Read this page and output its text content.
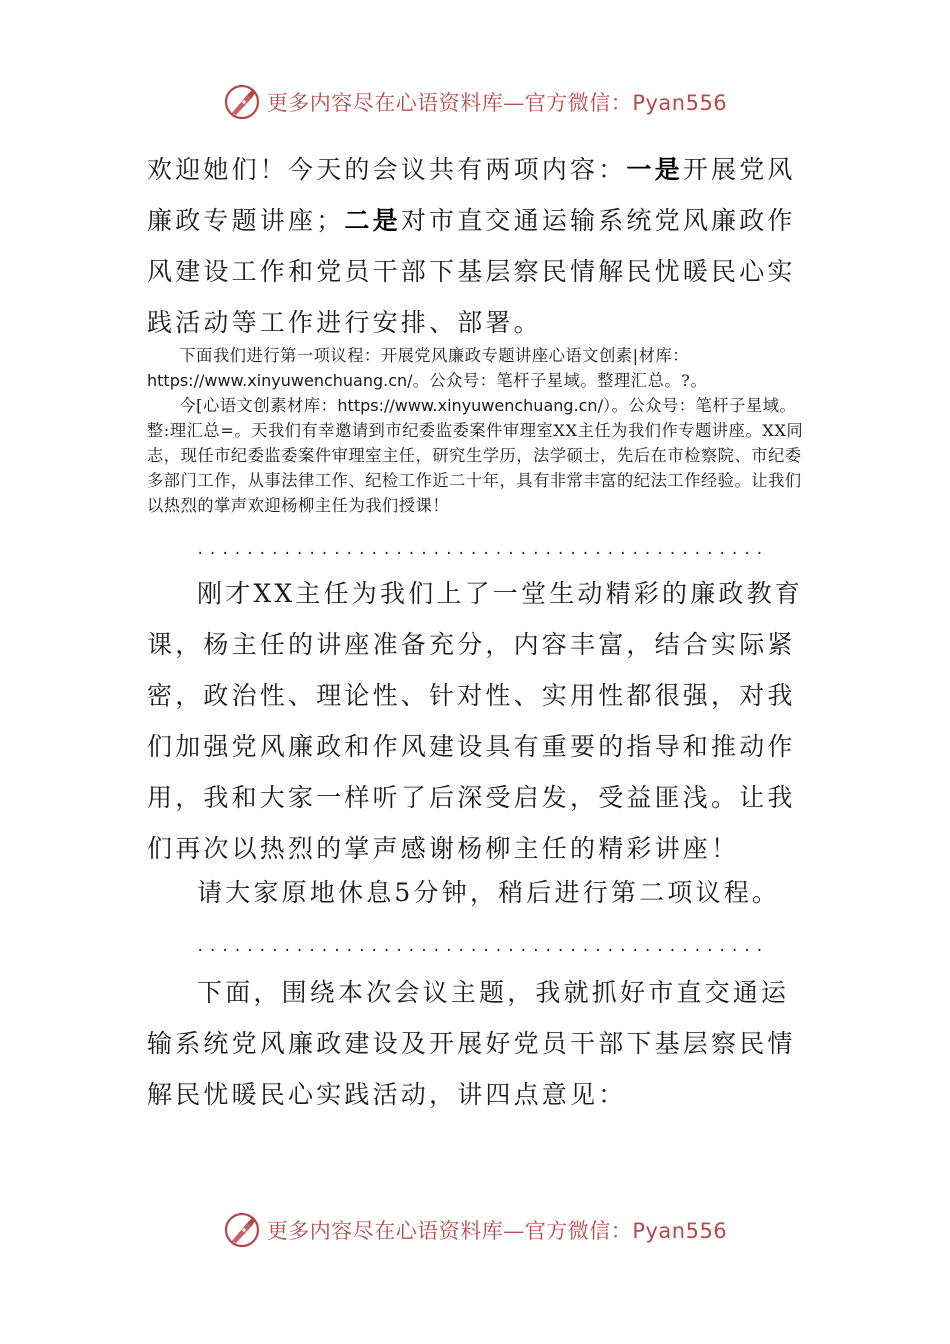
更多内容尽在心语资料库—官方微信：Pyan556

欢迎她们！今天的会议共有两项内容：一是开展党风廉政专题讲座；二是对市直交通运输系统党风廉政作风建设工作和党员干部下基层察民情解民忧暖民心实践活动等工作进行安排、部署。

下面我们进行第一项议程：开展党风廉政专题讲座心语文创素|材库：https://www.xinyuwenchuang.cn/。公众号：笔杆子星域。整理汇总。?。

今[心语文创素材库：https://www.xinyuwenchuang.cn/）。公众号：笔杆子星域。整:理汇总=。天我们有幸邀请到市纪委监委案件审理室XX主任为我们作专题讲座。XX同志，现任市纪委监委案件审理室主任，研究生学历，法学硕士，先后在市检察院、市纪委多部门工作，从事法律工作、纪检工作近二十年，具有非常丰富的纪法工作经验。让我们以热烈的掌声欢迎杨柳主任为我们授课！

..............................................

刚才XX主任为我们上了一堂生动精彩的廉政教育课，杨主任的讲座准备充分，内容丰富，结合实际紧密，政治性、理论性、针对性、实用性都很强，对我们加强党风廉政和作风建设具有重要的指导和推动作用，我和大家一样听了后深受启发，受益匪浅。让我们再次以热烈的掌声感谢杨柳主任的精彩讲座！

请大家原地休息5分钟，稍后进行第二项议程。

..............................................

下面，围绕本次会议主题，我就抓好市直交通运输系统党风廉政建设及开展好党员干部下基层察民情解民忧暖民心实践活动，讲四点意见：

更多内容尽在心语资料库—官方微信：Pyan556
